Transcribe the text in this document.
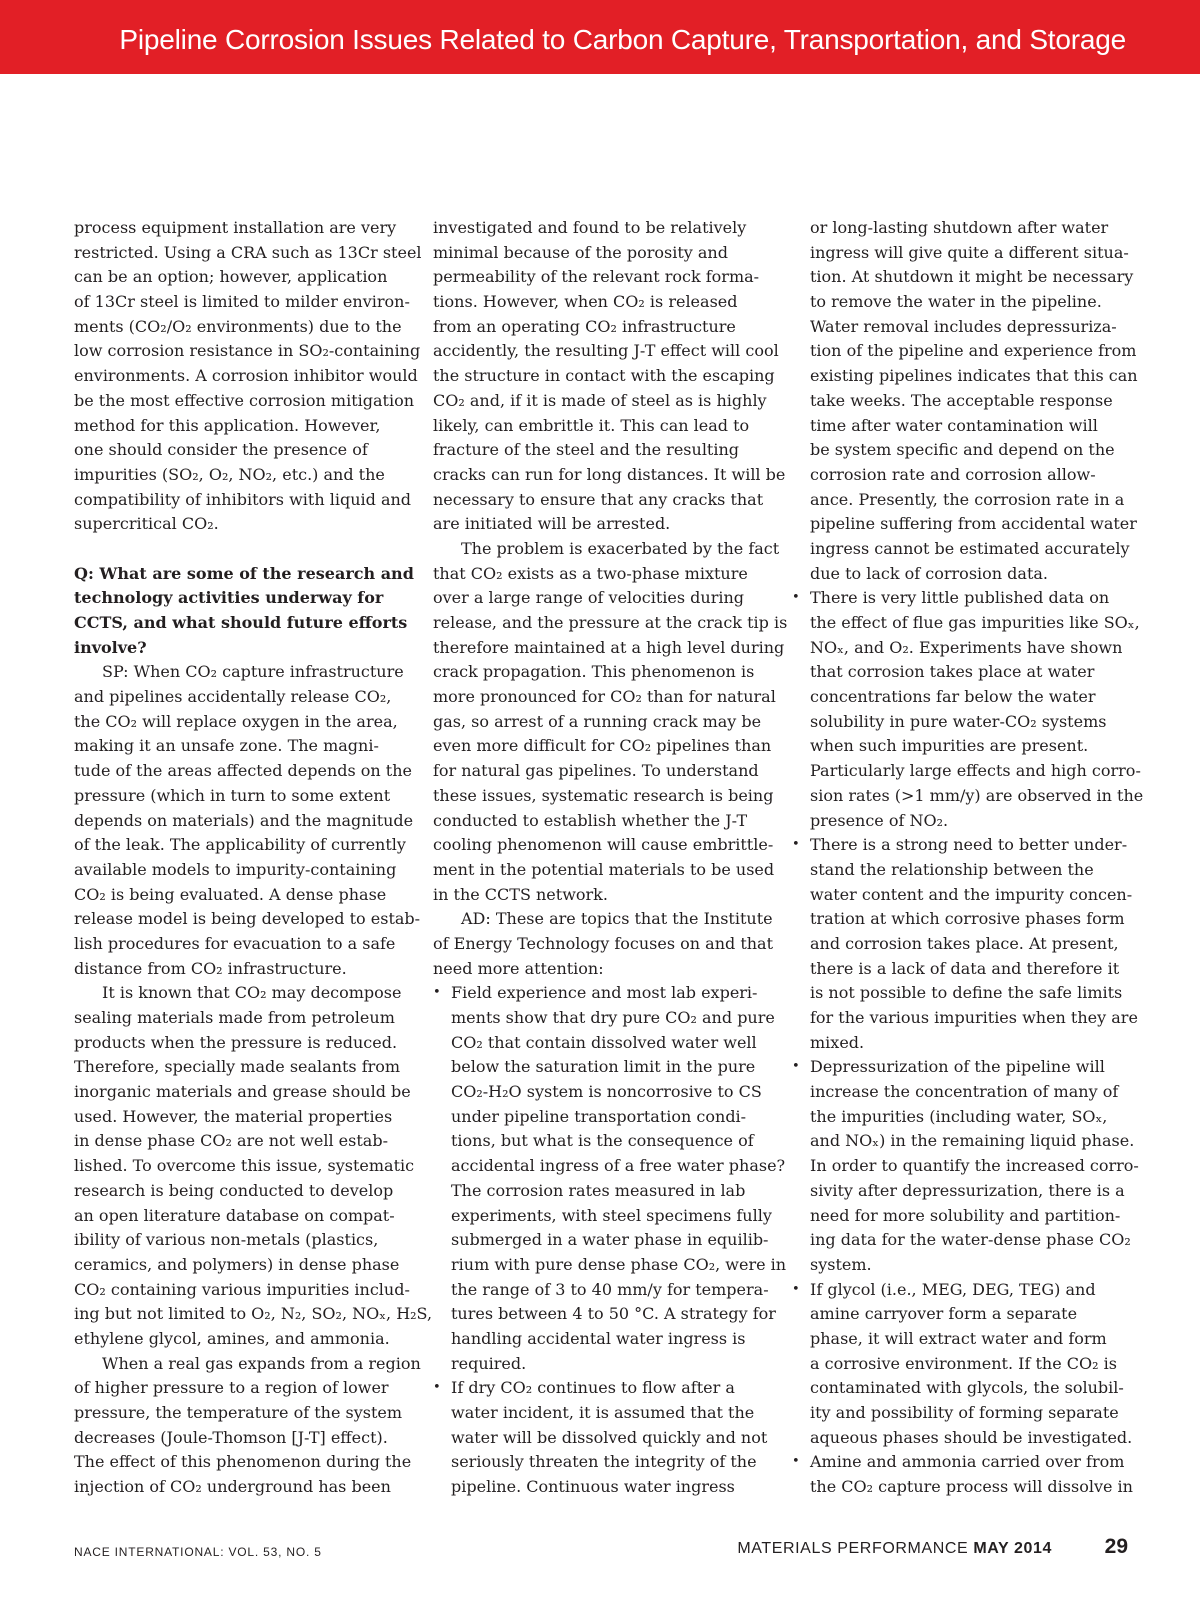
Pipeline Corrosion Issues Related to Carbon Capture, Transportation, and Storage
process equipment installation are very
restricted. Using a CRA such as 13Cr steel
can be an option; however, application
of 13Cr steel is limited to milder environ-
ments (CO₂/O₂ environments) due to the
low corrosion resistance in SO₂-containing
environments. A corrosion inhibitor would
be the most effective corrosion mitigation
method for this application. However,
one should consider the presence of
impurities (SO₂, O₂, NO₂, etc.) and the
compatibility of inhibitors with liquid and
supercritical CO₂.
Q: What are some of the research and
technology activities underway for
CCTS, and what should future efforts
involve?
SP: When CO₂ capture infrastructure
and pipelines accidentally release CO₂,
the CO₂ will replace oxygen in the area,
making it an unsafe zone. The magni-
tude of the areas affected depends on the
pressure (which in turn to some extent
depends on materials) and the magnitude
of the leak. The applicability of currently
available models to impurity-containing
CO₂ is being evaluated. A dense phase
release model is being developed to estab-
lish procedures for evacuation to a safe
distance from CO₂ infrastructure.
It is known that CO₂ may decompose
sealing materials made from petroleum
products when the pressure is reduced.
Therefore, specially made sealants from
inorganic materials and grease should be
used. However, the material properties
in dense phase CO₂ are not well estab-
lished. To overcome this issue, systematic
research is being conducted to develop
an open literature database on compat-
ibility of various non-metals (plastics,
ceramics, and polymers) in dense phase
CO₂ containing various impurities includ-
ing but not limited to O₂, N₂, SO₂, NOₓ, H₂S,
ethylene glycol, amines, and ammonia.
When a real gas expands from a region
of higher pressure to a region of lower
pressure, the temperature of the system
decreases (Joule-Thomson [J-T] effect).
The effect of this phenomenon during the
injection of CO₂ underground has been
investigated and found to be relatively
minimal because of the porosity and
permeability of the relevant rock forma-
tions. However, when CO₂ is released
from an operating CO₂ infrastructure
accidently, the resulting J-T effect will cool
the structure in contact with the escaping
CO₂ and, if it is made of steel as is highly
likely, can embrittle it. This can lead to
fracture of the steel and the resulting
cracks can run for long distances. It will be
necessary to ensure that any cracks that
are initiated will be arrested.
The problem is exacerbated by the fact
that CO₂ exists as a two-phase mixture
over a large range of velocities during
release, and the pressure at the crack tip is
therefore maintained at a high level during
crack propagation. This phenomenon is
more pronounced for CO₂ than for natural
gas, so arrest of a running crack may be
even more difficult for CO₂ pipelines than
for natural gas pipelines. To understand
these issues, systematic research is being
conducted to establish whether the J-T
cooling phenomenon will cause embrittle-
ment in the potential materials to be used
in the CCTS network.
AD: These are topics that the Institute
of Energy Technology focuses on and that
need more attention:
• Field experience and most lab experi-
ments show that dry pure CO₂ and pure
CO₂ that contain dissolved water well
below the saturation limit in the pure
CO₂-H₂O system is noncorrosive to CS
under pipeline transportation condi-
tions, but what is the consequence of
accidental ingress of a free water phase?
The corrosion rates measured in lab
experiments, with steel specimens fully
submerged in a water phase in equilib-
rium with pure dense phase CO₂, were in
the range of 3 to 40 mm/y for tempera-
tures between 4 to 50 °C. A strategy for
handling accidental water ingress is
required.
• If dry CO₂ continues to flow after a
water incident, it is assumed that the
water will be dissolved quickly and not
seriously threaten the integrity of the
pipeline. Continuous water ingress
or long-lasting shutdown after water
ingress will give quite a different situa-
tion. At shutdown it might be necessary
to remove the water in the pipeline.
Water removal includes depressuriza-
tion of the pipeline and experience from
existing pipelines indicates that this can
take weeks. The acceptable response
time after water contamination will
be system specific and depend on the
corrosion rate and corrosion allow-
ance. Presently, the corrosion rate in a
pipeline suffering from accidental water
ingress cannot be estimated accurately
due to lack of corrosion data.
• There is very little published data on
the effect of flue gas impurities like SOₓ,
NOₓ, and O₂. Experiments have shown
that corrosion takes place at water
concentrations far below the water
solubility in pure water-CO₂ systems
when such impurities are present.
Particularly large effects and high corro-
sion rates (>1 mm/y) are observed in the
presence of NO₂.
• There is a strong need to better under-
stand the relationship between the
water content and the impurity concen-
tration at which corrosive phases form
and corrosion takes place. At present,
there is a lack of data and therefore it
is not possible to define the safe limits
for the various impurities when they are
mixed.
• Depressurization of the pipeline will
increase the concentration of many of
the impurities (including water, SOₓ,
and NOₓ) in the remaining liquid phase.
In order to quantify the increased corro-
sivity after depressurization, there is a
need for more solubility and partition-
ing data for the water-dense phase CO₂
system.
• If glycol (i.e., MEG, DEG, TEG) and
amine carryover form a separate
phase, it will extract water and form
a corrosive environment. If the CO₂ is
contaminated with glycols, the solubil-
ity and possibility of forming separate
aqueous phases should be investigated.
• Amine and ammonia carried over from
the CO₂ capture process will dissolve in
NACE INTERNATIONAL: VOL. 53, NO. 5	MATERIALS PERFORMANCE MAY 2014	29
